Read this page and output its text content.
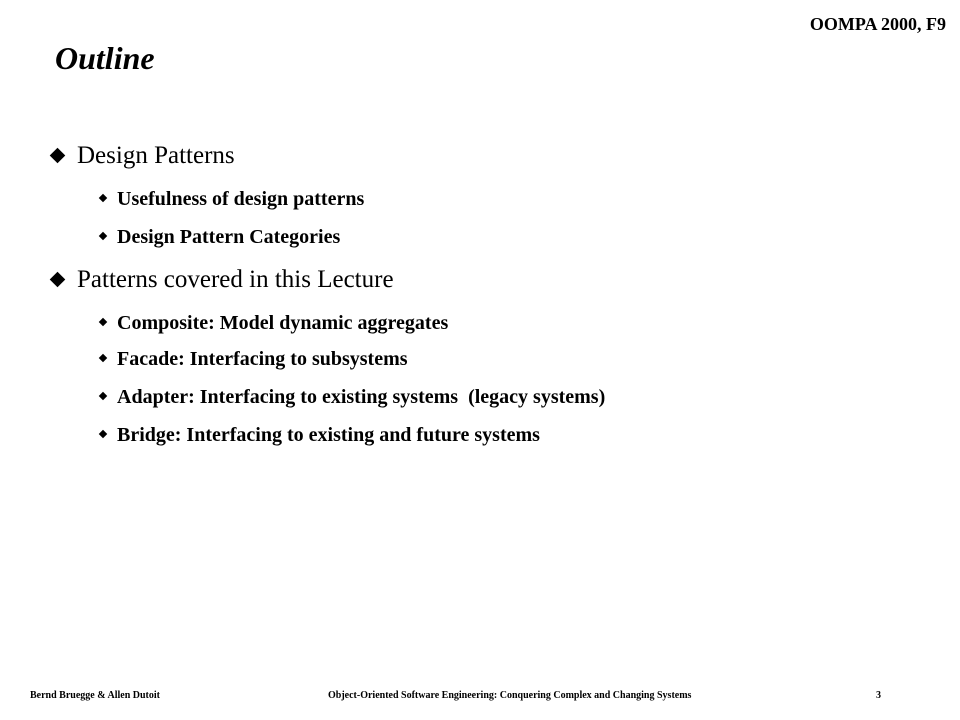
OOMPA 2000, F9
Outline
Design Patterns
Usefulness of design patterns
Design Pattern Categories
Patterns covered in this Lecture
Composite: Model dynamic aggregates
Facade: Interfacing to subsystems
Adapter: Interfacing to existing systems  (legacy systems)
Bridge: Interfacing to existing and future systems
Bernd Bruegge & Allen Dutoit	Object-Oriented Software Engineering: Conquering Complex and Changing Systems	3
